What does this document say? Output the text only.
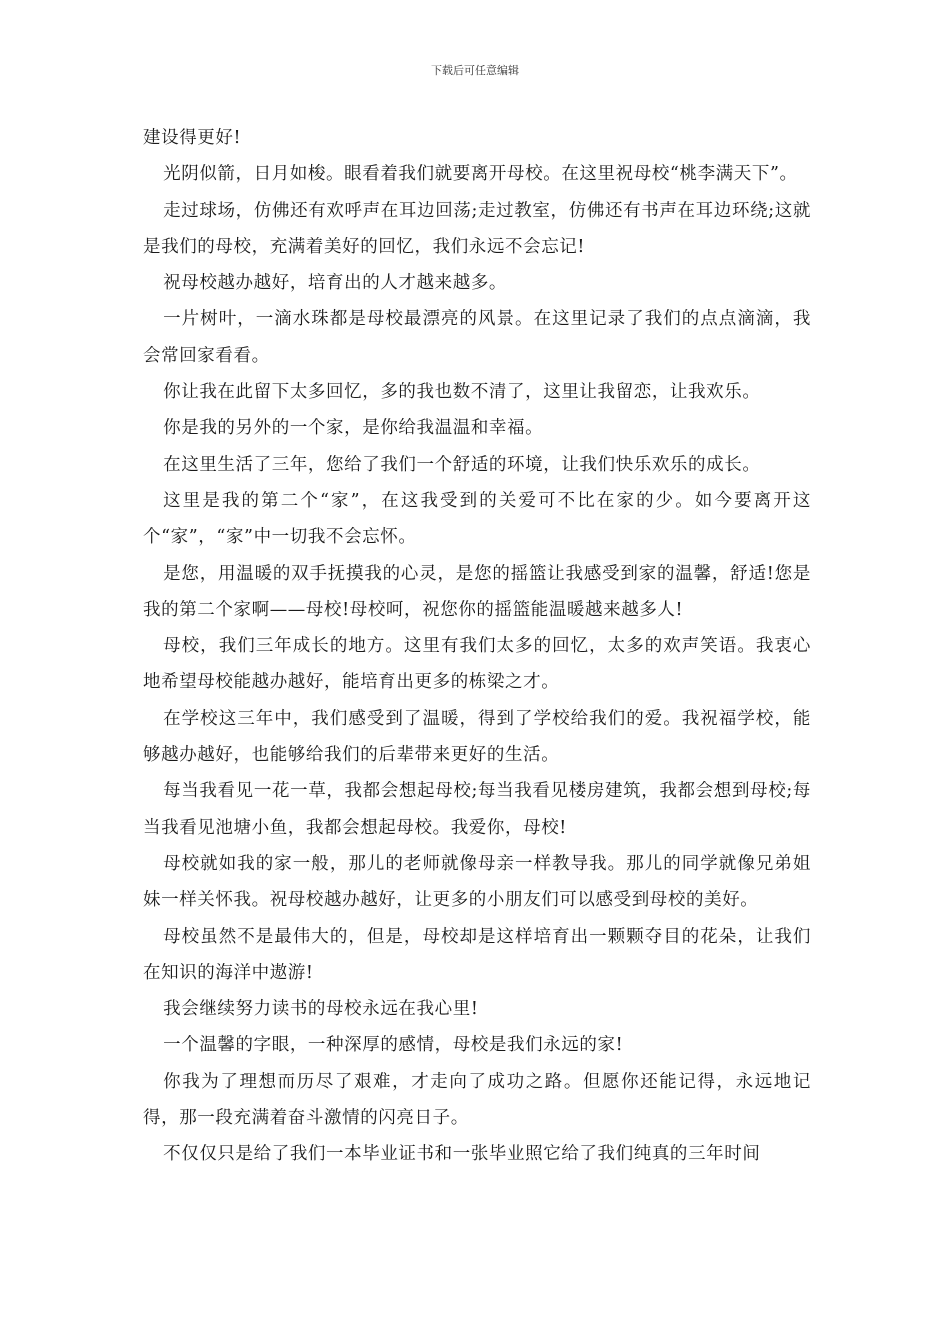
下载后可任意编辑

建设得更好!

光阴似箭，日月如梭。眼看着我们就要离开母校。在这里祝母校“桃李满天下”。

走过球场，仿佛还有欢呼声在耳边回荡;走过教室，仿佛还有书声在耳边环绕;这就是我们的母校，充满着美好的回忆，我们永远不会忘记!

祝母校越办越好，培育出的人才越来越多。

一片树叶，一滴水珠都是母校最漂亮的风景。在这里记录了我们的点点滴滴，我会常回家看看。

你让我在此留下太多回忆，多的我也数不清了，这里让我留恋，让我欢乐。

你是我的另外的一个家，是你给我温温和幸福。

在这里生活了三年，您给了我们一个舒适的环境，让我们快乐欢乐的成长。

这里是我的第二个“家”，在这我受到的关爱可不比在家的少。如今要离开这个“家”，“家”中一切我不会忘怀。

是您，用温暖的双手抚摸我的心灵，是您的摇篮让我感受到家的温馨，舒适!您是我的第二个家啊——母校!母校呵，祝您你的摇篮能温暖越来越多人!

母校，我们三年成长的地方。这里有我们太多的回忆，太多的欢声笑语。我衷心地希望母校能越办越好，能培育出更多的栋梁之才。

在学校这三年中，我们感受到了温暖，得到了学校给我们的爱。我祝福学校，能够越办越好，也能够给我们的后辈带来更好的生活。

每当我看见一花一草，我都会想起母校;每当我看见楼房建筑，我都会想到母校;每当我看见池塘小鱼，我都会想起母校。我爱你，母校!

母校就如我的家一般，那儿的老师就像母亲一样教导我。那儿的同学就像兄弟姐妹一样关怀我。祝母校越办越好，让更多的小朋友们可以感受到母校的美好。

母校虽然不是最伟大的，但是，母校却是这样培育出一颗颗夺目的花朵，让我们在知识的海洋中遨游!

我会继续努力读书的母校永远在我心里!

一个温馨的字眼，一种深厚的感情，母校是我们永远的家!

你我为了理想而历尽了艰难，才走向了成功之路。但愿你还能记得，永远地记得，那一段充满着奋斗激情的闪亮日子。

不仅仅只是给了我们一本毕业证书和一张毕业照它给了我们纯真的三年时间
